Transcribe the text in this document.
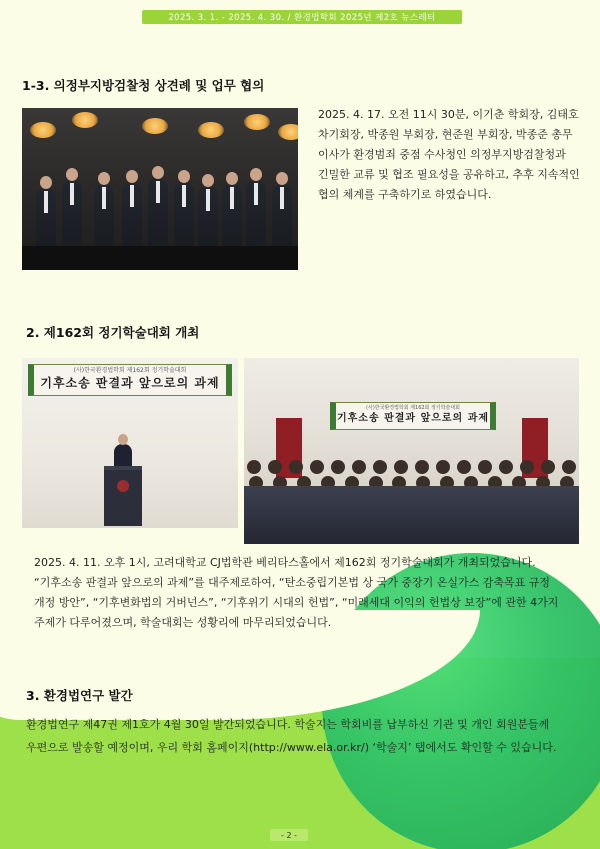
2025. 3. 1. - 2025. 4. 30. / 환경법학회 2025년 제2호 뉴스레터
1-3. 의정부지방검찰청 상견례 및 업무 협의
2025. 4. 17. 오전 11시 30분, 이기춘 학회장, 김태호
차기회장, 박종원 부회장, 현준원 부회장, 박종준 총무
이사가 환경범죄 중점 수사청인 의정부지방검찰청과
긴밀한 교류 및 협조 필요성을 공유하고, 추후 지속적인
협의 체계를 구축하기로 하였습니다.
2. 제162회 정기학술대회 개최
(사)한국환경법학회 제162회 정기학술대회
기후소송 판결과 앞으로의 과제
(사)한국환경법학회 제162회 정기학술대회
기후소송 판결과 앞으로의 과제
2025. 4. 11. 오후 1시, 고려대학교 CJ법학관 베리타스홀에서 제162회 정기학술대회가 개최되었습니다.
“기후소송 판결과 앞으로의 과제”를 대주제로하여, “탄소중립기본법 상 국가 중장기 온실가스 감축목표 규정
개정 방안”, “기후변화법의 거버넌스”, “기후위기 시대의 헌법”, “미래세대 이익의 헌법상 보장”에 관한 4가지
주제가 다루어졌으며, 학술대회는 성황리에 마무리되었습니다.
3. 환경법연구 발간
환경법연구 제47권 제1호가 4월 30일 발간되었습니다. 학술지는 학회비를 납부하신 기관 및 개인 회원분들께
우편으로 발송할 예정이며, 우리 학회 홈페이지(http://www.ela.or.kr/) ‘학술지’ 탭에서도 확인할 수 있습니다.
- 2 -
